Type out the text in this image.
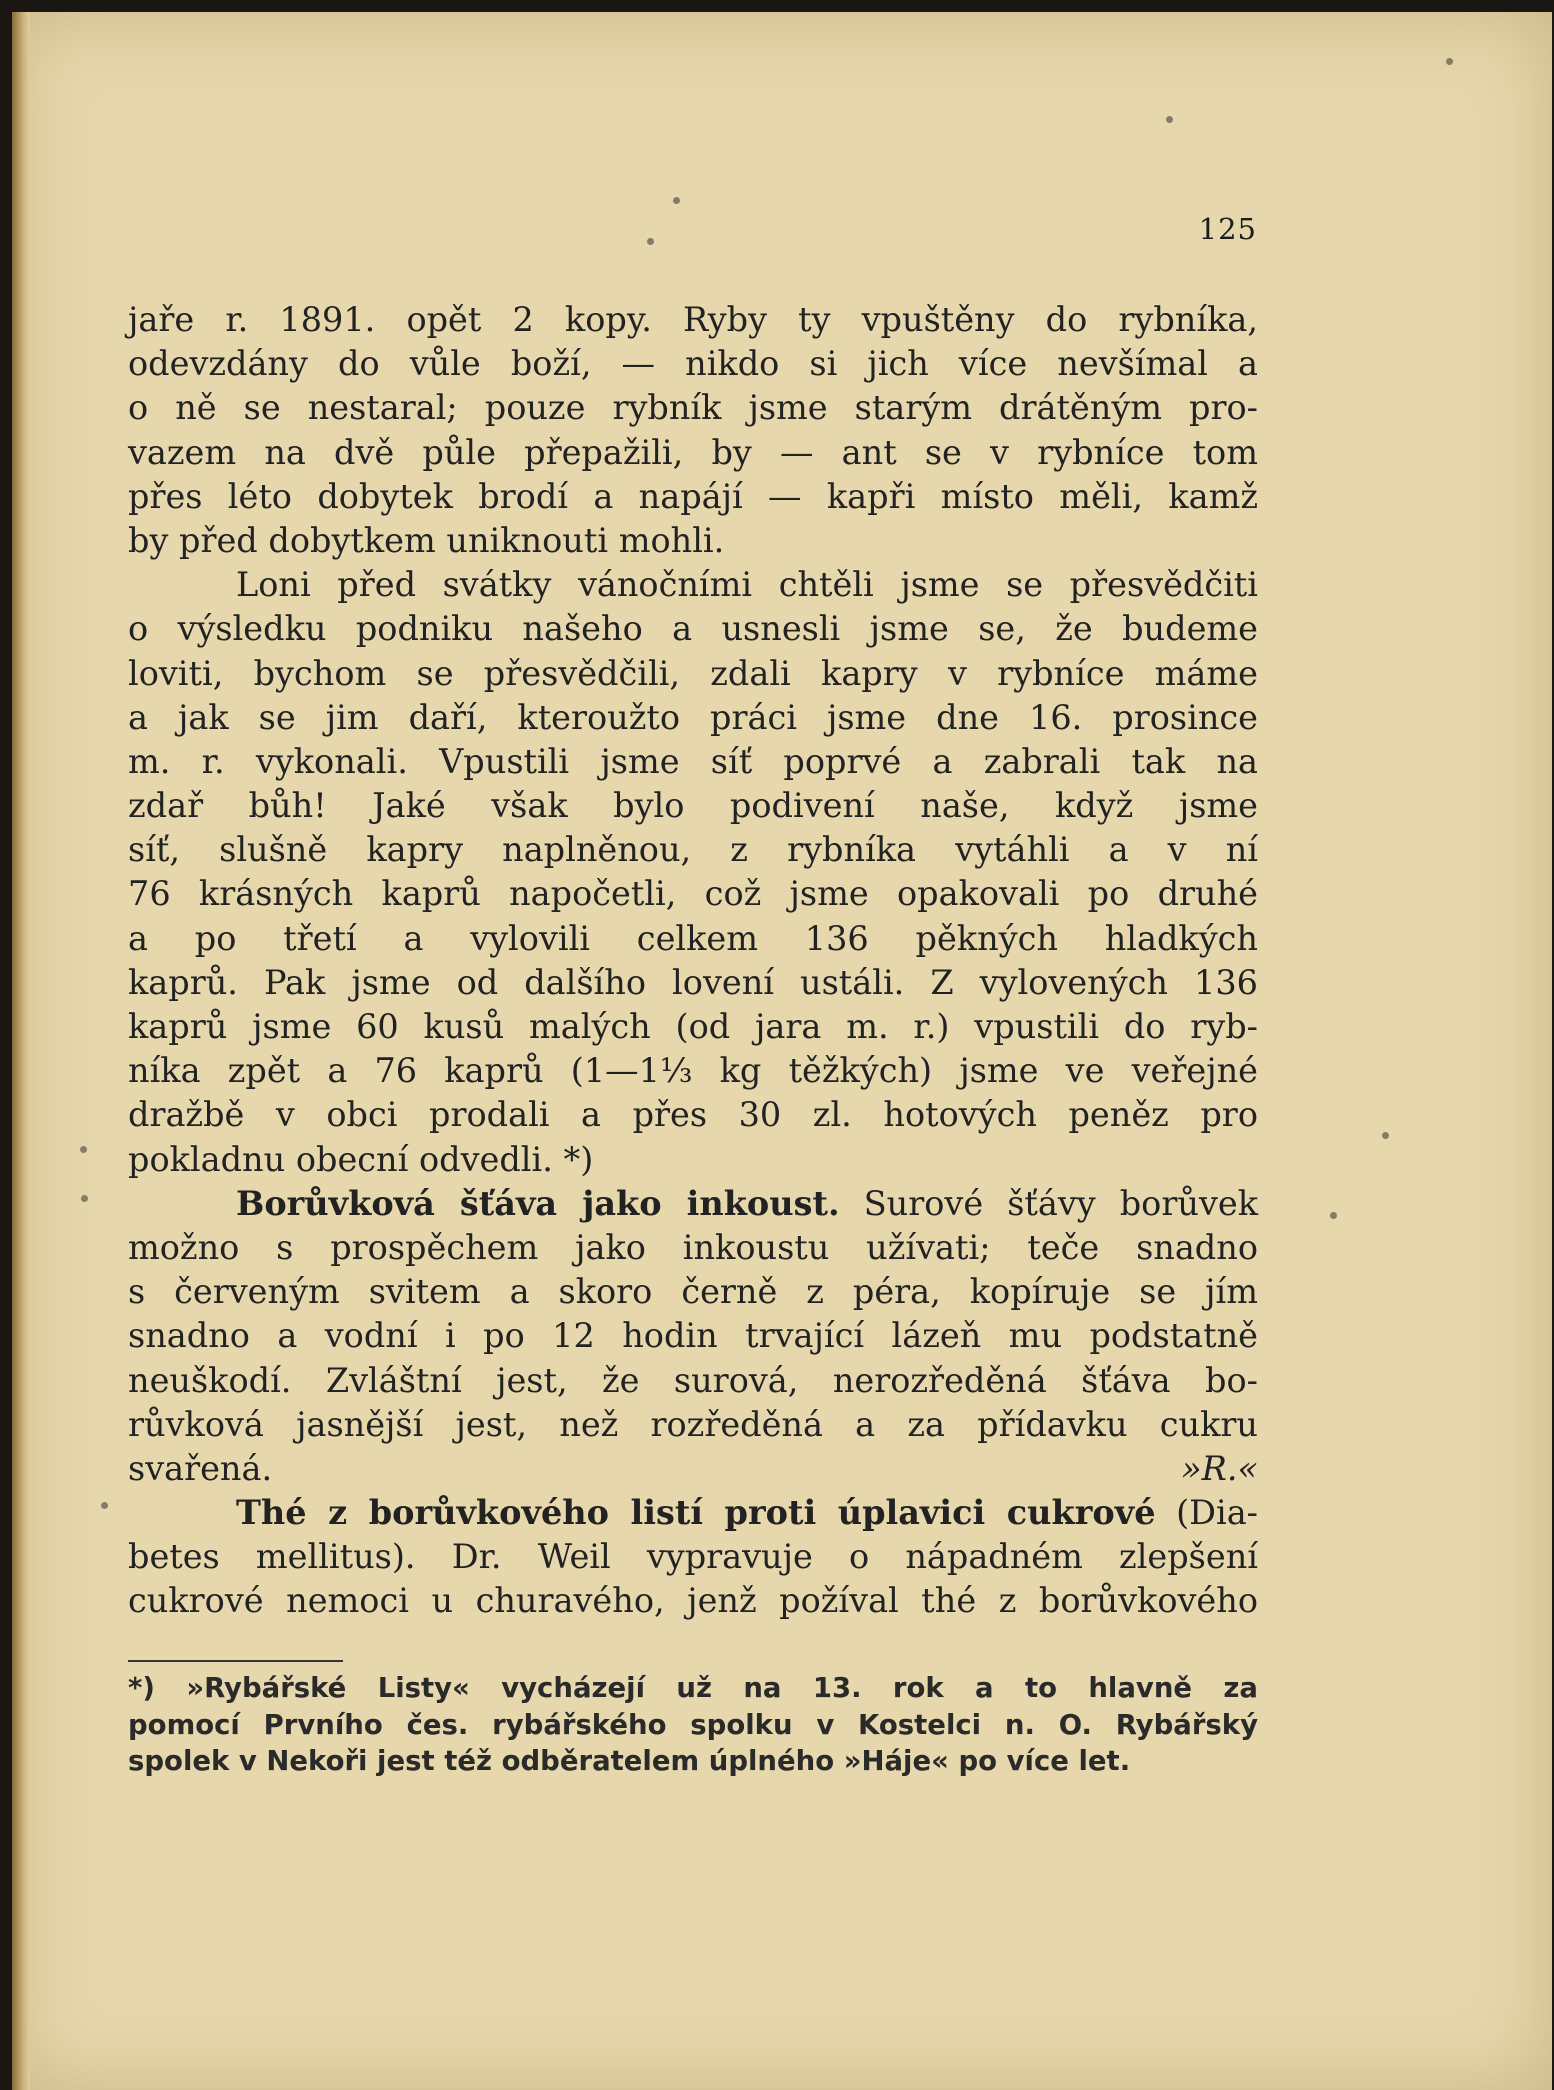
125
jaře r. 1891. opět 2 kopy. Ryby ty vpuštěny do rybníka,
odevzdány do vůle boží, — nikdo si jich více nevšímal a
o ně se nestaral; pouze rybník jsme starým drátěným pro-
vazem na dvě půle přepažili, by — ant se v rybníce tom
přes léto dobytek brodí a napájí — kapři místo měli, kamž
by před dobytkem uniknouti mohli.
Loni před svátky vánočními chtěli jsme se přesvědčiti
o výsledku podniku našeho a usnesli jsme se, že budeme
loviti, bychom se přesvědčili, zdali kapry v rybníce máme
a jak se jim daří, kteroužto práci jsme dne 16. prosince
m. r. vykonali. Vpustili jsme síť poprvé a zabrali tak na
zdař bůh! Jaké však bylo podivení naše, když jsme
síť, slušně kapry naplněnou, z rybníka vytáhli a v ní
76 krásných kaprů napočetli, což jsme opakovali po druhé
a po třetí a vylovili celkem 136 pěkných hladkých
kaprů. Pak jsme od dalšího lovení ustáli. Z vylovených 136
kaprů jsme 60 kusů malých (od jara m. r.) vpustili do ryb-
níka zpět a 76 kaprů (1—1⅓ kg těžkých) jsme ve veřejné
dražbě v obci prodali a přes 30 zl. hotových peněz pro
pokladnu obecní odvedli. *)
Borůvková šťáva jako inkoust. Surové šťávy borůvek
možno s prospěchem jako inkoustu užívati; teče snadno
s červeným svitem a skoro černě z péra, kopíruje se jím
snadno a vodní i po 12 hodin trvající lázeň mu podstatně
neuškodí. Zvláštní jest, že surová, nerozředěná šťáva bo-
růvková jasnější jest, než rozředěná a za přídavku cukru
svařená.	»R.«
Thé z borůvkového listí proti úplavici cukrové (Dia-
betes mellitus). Dr. Weil vypravuje o nápadném zlepšení
cukrové nemoci u churavého, jenž požíval thé z borůvkového
*) »Rybářské Listy« vycházejí už na 13. rok a to hlavně za
pomocí Prvního čes. rybářského spolku v Kostelci n. O. Rybářský
spolek v Nekoři jest též odběratelem úplného »Háje« po více let.
